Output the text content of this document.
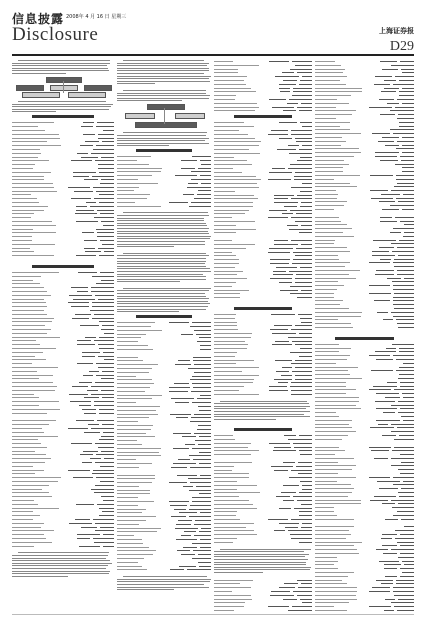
信息披露 2008年 4 月 16 日 星期三
Disclosure	上海证券报
D29
